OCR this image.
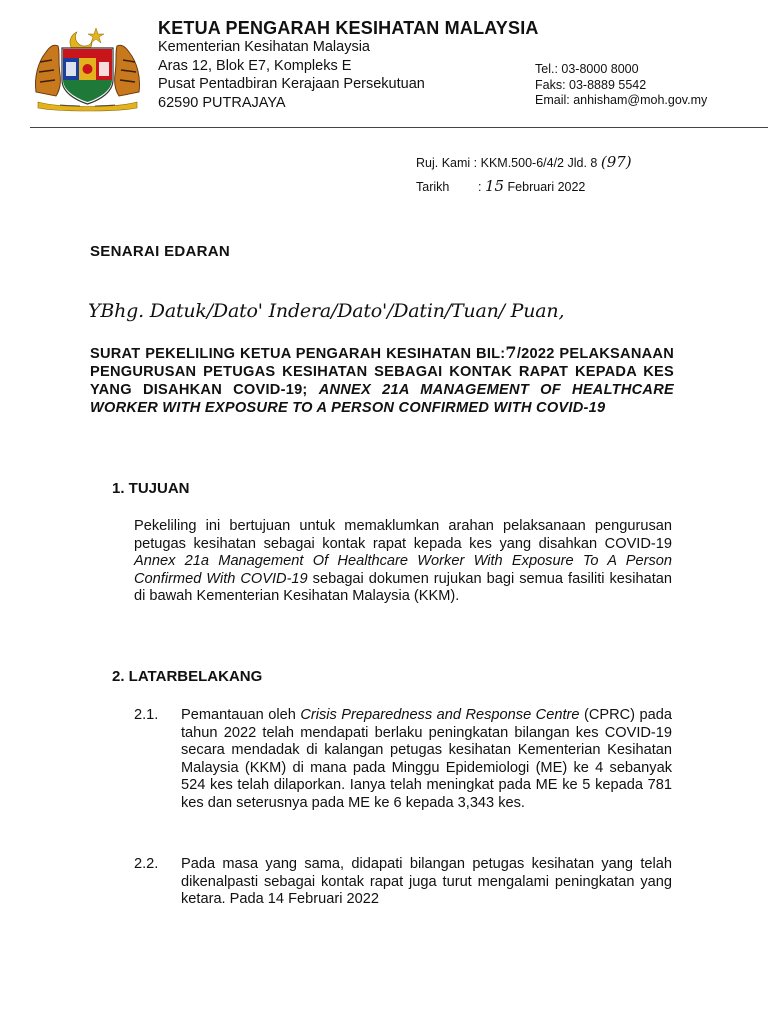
KETUA PENGARAH KESIHATAN MALAYSIA
Kementerian Kesihatan Malaysia
Aras 12, Blok E7, Kompleks E
Pusat Pentadbiran Kerajaan Persekutuan
62590 PUTRAJAYA
Tel.: 03-8000 8000
Faks: 03-8889 5542
Email: anhisham@moh.gov.my
Ruj. Kami : KKM.500-6/4/2 Jld. 8 (97)
Tarikh : 15 Februari 2022
SENARAI EDARAN
YBhg. Datuk/Dato' Indera/Dato'/Datin/Tuan/ Puan,
SURAT PEKELILING KETUA PENGARAH KESIHATAN BIL:7/2022 PELAKSANAAN PENGURUSAN PETUGAS KESIHATAN SEBAGAI KONTAK RAPAT KEPADA KES YANG DISAHKAN COVID-19; ANNEX 21A MANAGEMENT OF HEALTHCARE WORKER WITH EXPOSURE TO A PERSON CONFIRMED WITH COVID-19
1. TUJUAN
Pekeliling ini bertujuan untuk memaklumkan arahan pelaksanaan pengurusan petugas kesihatan sebagai kontak rapat kepada kes yang disahkan COVID-19 Annex 21a Management Of Healthcare Worker With Exposure To A Person Confirmed With COVID-19 sebagai dokumen rujukan bagi semua fasiliti kesihatan di bawah Kementerian Kesihatan Malaysia (KKM).
2. LATARBELAKANG
2.1. Pemantauan oleh Crisis Preparedness and Response Centre (CPRC) pada tahun 2022 telah mendapati berlaku peningkatan bilangan kes COVID-19 secara mendadak di kalangan petugas kesihatan Kementerian Kesihatan Malaysia (KKM) di mana pada Minggu Epidemiologi (ME) ke 4 sebanyak 524 kes telah dilaporkan. Ianya telah meningkat pada ME ke 5 kepada 781 kes dan seterusnya pada ME ke 6 kepada 3,343 kes.
2.2. Pada masa yang sama, didapati bilangan petugas kesihatan yang telah dikenalpasti sebagai kontak rapat juga turut mengalami peningkatan yang ketara. Pada 14 Februari 2022
